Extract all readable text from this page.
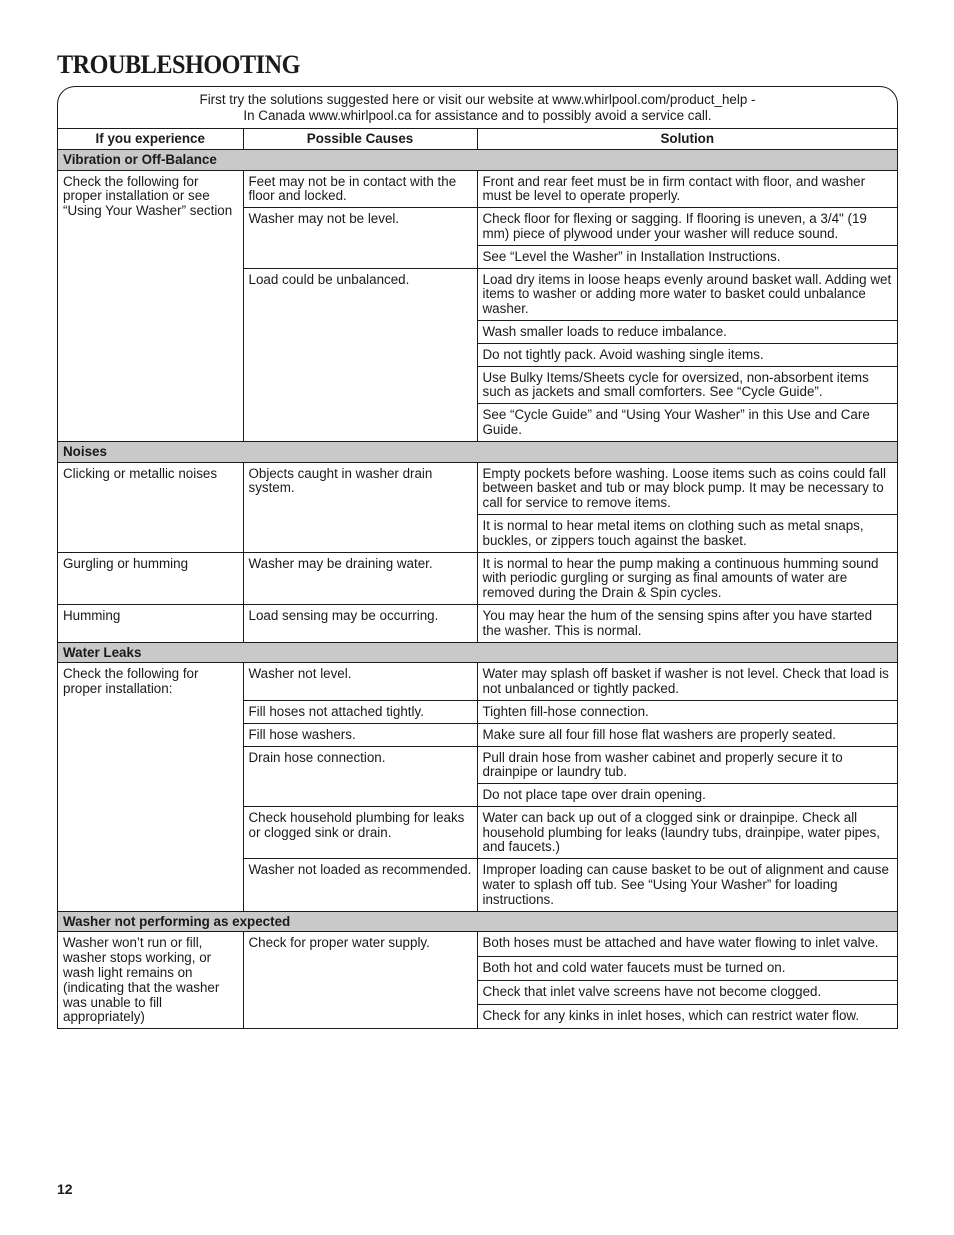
TROUBLESHOOTING
First try the solutions suggested here or visit our website at www.whirlpool.com/product_help -
In Canada www.whirlpool.ca for assistance and to possibly avoid a service call.
If you experience	Possible Causes	Solution
Vibration or Off-Balance		
Check the following for proper installation or see “Using Your Washer” section	Feet may not be in contact with the floor and locked.	Front and rear feet must be in firm contact with floor, and washer must be level to operate properly.
	Washer may not be level.	Check floor for flexing or sagging. If flooring is uneven, a 3/4" (19 mm) piece of plywood under your washer will reduce sound.
		See “Level the Washer” in Installation Instructions.
	Load could be unbalanced.	Load dry items in loose heaps evenly around basket wall. Adding wet items to washer or adding more water to basket could unbalance washer.
		Wash smaller loads to reduce imbalance.
		Do not tightly pack. Avoid washing single items.
		Use Bulky Items/Sheets cycle for oversized, non-absorbent items such as jackets and small comforters. See “Cycle Guide”.
		See “Cycle Guide” and “Using Your Washer” in this Use and Care Guide.
Noises		
Clicking or metallic noises	Objects caught in washer drain system.	Empty pockets before washing. Loose items such as coins could fall between basket and tub or may block pump. It may be necessary to call for service to remove items.
		It is normal to hear metal items on clothing such as metal snaps, buckles, or zippers touch against the basket.
Gurgling or humming	Washer may be draining water.	It is normal to hear the pump making a continuous humming sound with periodic gurgling or surging as final amounts of water are removed during the Drain & Spin cycles.
Humming	Load sensing may be occurring.	You may hear the hum of the sensing spins after you have started the washer. This is normal.
Water Leaks		
Check the following for proper installation:	Washer not level.	Water may splash off basket if washer is not level. Check that load is not unbalanced or tightly packed.
	Fill hoses not attached tightly.	Tighten fill-hose connection.
	Fill hose washers.	Make sure all four fill hose flat washers are properly seated.
	Drain hose connection.	Pull drain hose from washer cabinet and properly secure it to drainpipe or laundry tub.
		Do not place tape over drain opening.
	Check household plumbing for leaks or clogged sink or drain.	Water can back up out of a clogged sink or drainpipe. Check all household plumbing for leaks (laundry tubs, drainpipe, water pipes, and faucets.)
	Washer not loaded as recommended.	Improper loading can cause basket to be out of alignment and cause water to splash off tub. See “Using Your Washer” for loading instructions.
Washer not performing as expected		
Washer won’t run or fill, washer stops working, or wash light remains on (indicating that the washer was unable to fill appropriately)	Check for proper water supply.	Both hoses must be attached and have water flowing to inlet valve.
		Both hot and cold water faucets must be turned on.
		Check that inlet valve screens have not become clogged.
		Check for any kinks in inlet hoses, which can restrict water flow.
12
